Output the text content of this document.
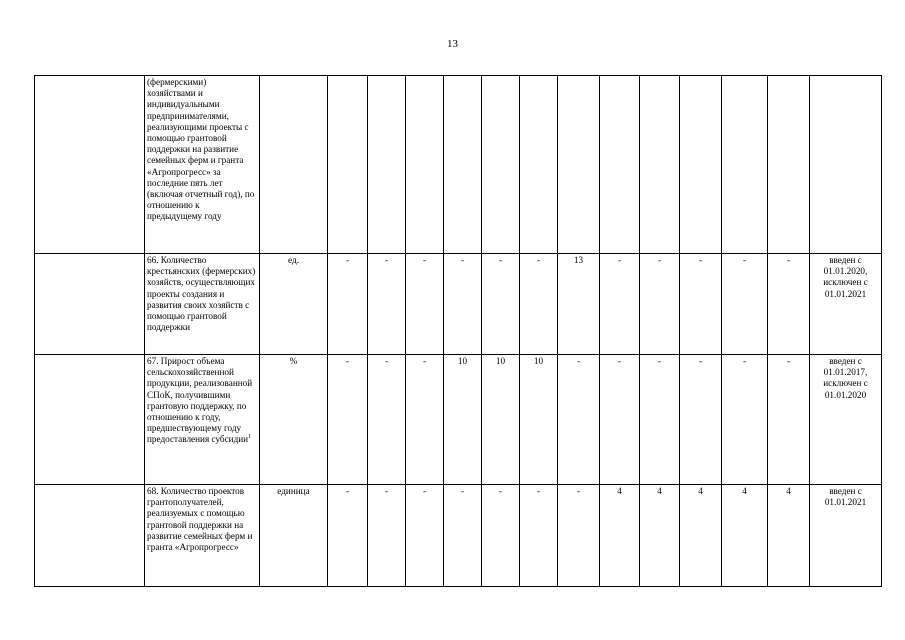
13
	(фермерскими) хозяйствами и индивидуальными предпринимателями, реализующими проекты с помощью грантовой поддержки на развитие семейных ферм и гранта «Агропрогресс» за последние пять лет (включая отчетный год), по отношению к предыдущему году														
	66. Количество крестьянских (фермерских) хозяйств, осуществляющих проекты создания и развития своих хозяйств с помощью грантовой поддержки	ед.	-	-	-	-	-	-	13	-	-	-	-	-	введен с 01.01.2020, исключен с 01.01.2021
	67. Прирост объема сельскохозяйственной продукции, реализованной СПоК, получившими грантовую поддержку, по отношению к году, предшествующему году предоставления субсидии$^1$	%	-	-	-	10	10	10	-	-	-	-	-	-	введен с 01.01.2017, исключен с 01.01.2020
	68. Количество проектов грантополучателей, реализуемых с помощью грантовой поддержки на развитие семейных ферм и гранта «Агропрогресс»	единица	-	-	-	-	-	-	-	4	4	4	4	4	введен с 01.01.2021
